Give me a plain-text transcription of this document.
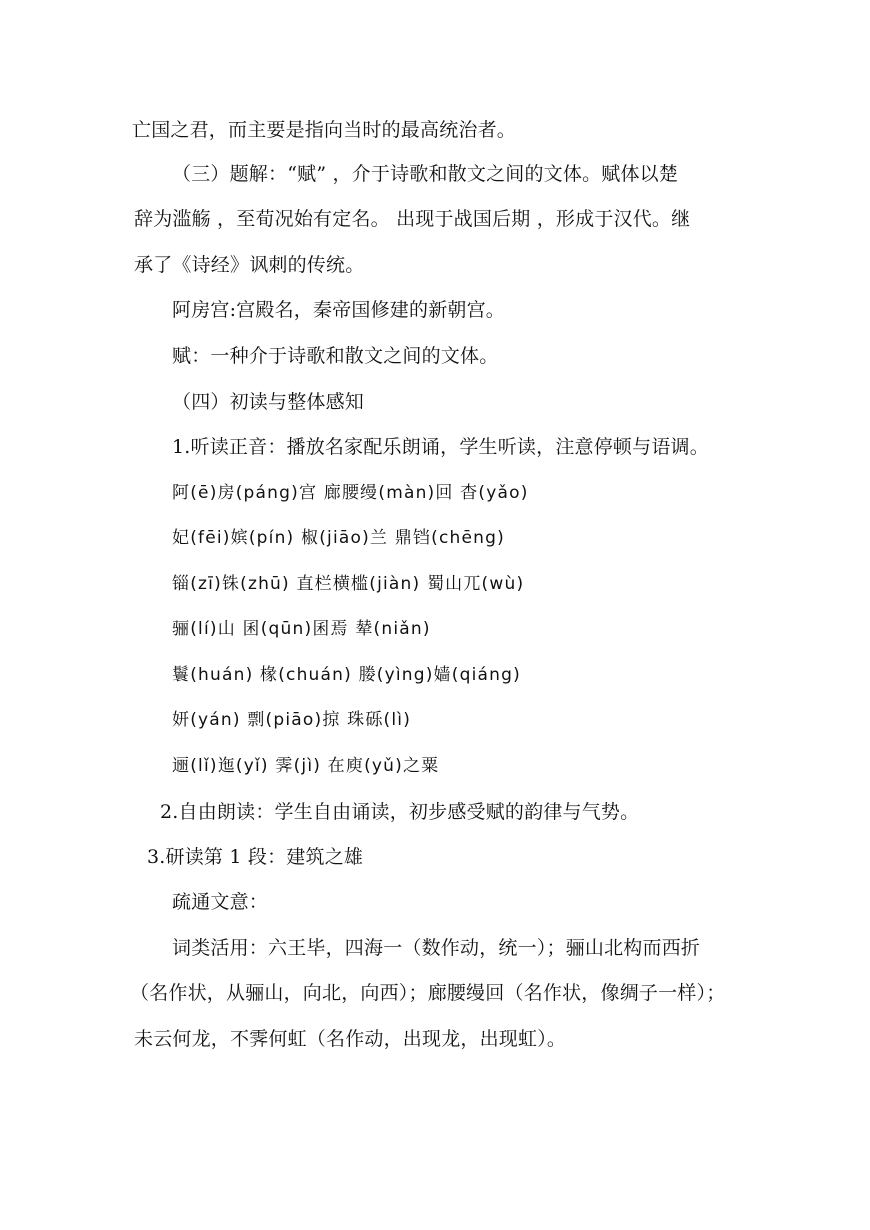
亡国之君，而主要是指向当时的最高统治者。
（三）题解：“赋” ，介于诗歌和散文之间的文体。赋体以楚
辞为滥觞 ，至荀况始有定名。 出现于战国后期 ，形成于汉代。继
承了《诗经》讽刺的传统。
阿房宫:宫殿名，秦帝国修建的新朝宫。
赋：一种介于诗歌和散文之间的文体。
（四）初读与整体感知
1.听读正音：播放名家配乐朗诵，学生听读，注意停顿与语调。
阿(ē)房(páng)宫 廊腰缦(màn)回 杳(yǎo)
妃(fēi)嫔(pín) 椒(jiāo)兰 鼎铛(chēng)
锱(zī)铢(zhū) 直栏横槛(jiàn) 蜀山兀(wù)
骊(lí)山 囷(qūn)囷焉 辇(niǎn)
鬟(huán) 椽(chuán) 媵(yìng)嫱(qiáng)
妍(yán) 剽(piāo)掠 珠砾(lì)
逦(lǐ)迤(yǐ) 霁(jì) 在庾(yǔ)之粟
2.自由朗读：学生自由诵读，初步感受赋的韵律与气势。
3.研读第 1 段：建筑之雄
疏通文意：
词类活用：六王毕，四海一（数作动，统一）；骊山北构而西折
（名作状，从骊山，向北，向西）；廊腰缦回（名作状，像绸子一样）；
未云何龙，不霁何虹（名作动，出现龙，出现虹）。
